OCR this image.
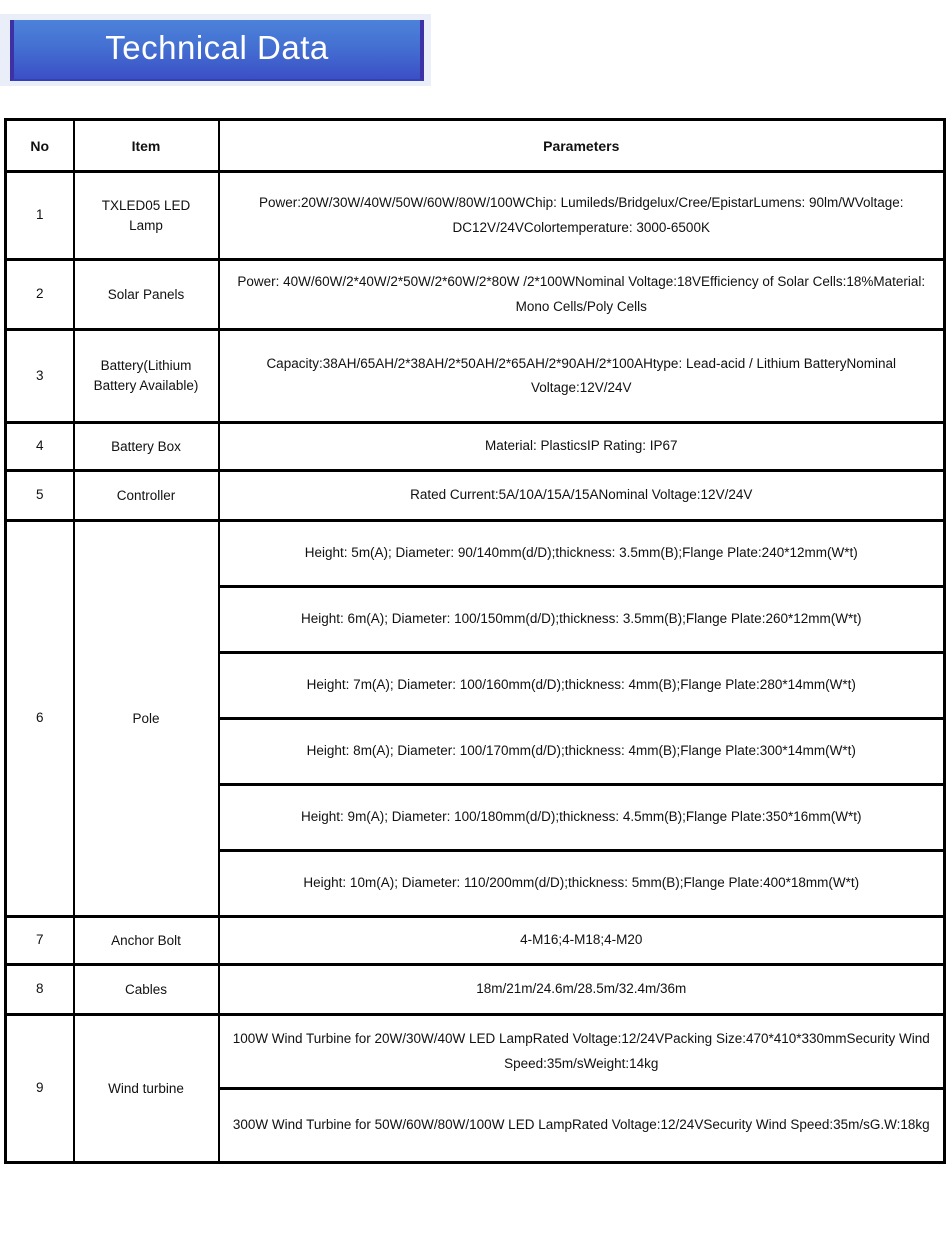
Technical Data
No	Item	Parameters
1	TXLED05 LED Lamp	Power:20W/30W/40W/50W/60W/80W/100WChip: Lumileds/Bridgelux/Cree/EpistarLumens: 90lm/WVoltage: DC12V/24VColortemperature: 3000-6500K
2	Solar Panels	Power: 40W/60W/2*40W/2*50W/2*60W/2*80W /2*100WNominal Voltage:18VEfficiency of Solar Cells:18%Material: Mono Cells/Poly Cells
3	Battery(Lithium Battery Available)	Capacity:38AH/65AH/2*38AH/2*50AH/2*65AH/2*90AH/2*100AHtype: Lead-acid / Lithium BatteryNominal Voltage:12V/24V
4	Battery Box	Material: PlasticsIP Rating: IP67
5	Controller	Rated Current:5A/10A/15A/15ANominal Voltage:12V/24V
6	Pole	Height: 5m(A); Diameter: 90/140mm(d/D);thickness: 3.5mm(B);Flange Plate:240*12mm(W*t)
		Height: 6m(A); Diameter: 100/150mm(d/D);thickness: 3.5mm(B);Flange Plate:260*12mm(W*t)
		Height: 7m(A); Diameter: 100/160mm(d/D);thickness: 4mm(B);Flange Plate:280*14mm(W*t)
		Height: 8m(A); Diameter: 100/170mm(d/D);thickness: 4mm(B);Flange Plate:300*14mm(W*t)
		Height: 9m(A); Diameter: 100/180mm(d/D);thickness: 4.5mm(B);Flange Plate:350*16mm(W*t)
		Height: 10m(A); Diameter: 110/200mm(d/D);thickness: 5mm(B);Flange Plate:400*18mm(W*t)
7	Anchor Bolt	4-M16;4-M18;4-M20
8	Cables	18m/21m/24.6m/28.5m/32.4m/36m
9	Wind turbine	100W Wind Turbine for 20W/30W/40W LED LampRated Voltage:12/24VPacking Size:470*410*330mmSecurity Wind Speed:35m/sWeight:14kg
		300W Wind Turbine for 50W/60W/80W/100W LED LampRated Voltage:12/24VSecurity Wind Speed:35m/sG.W:18kg
